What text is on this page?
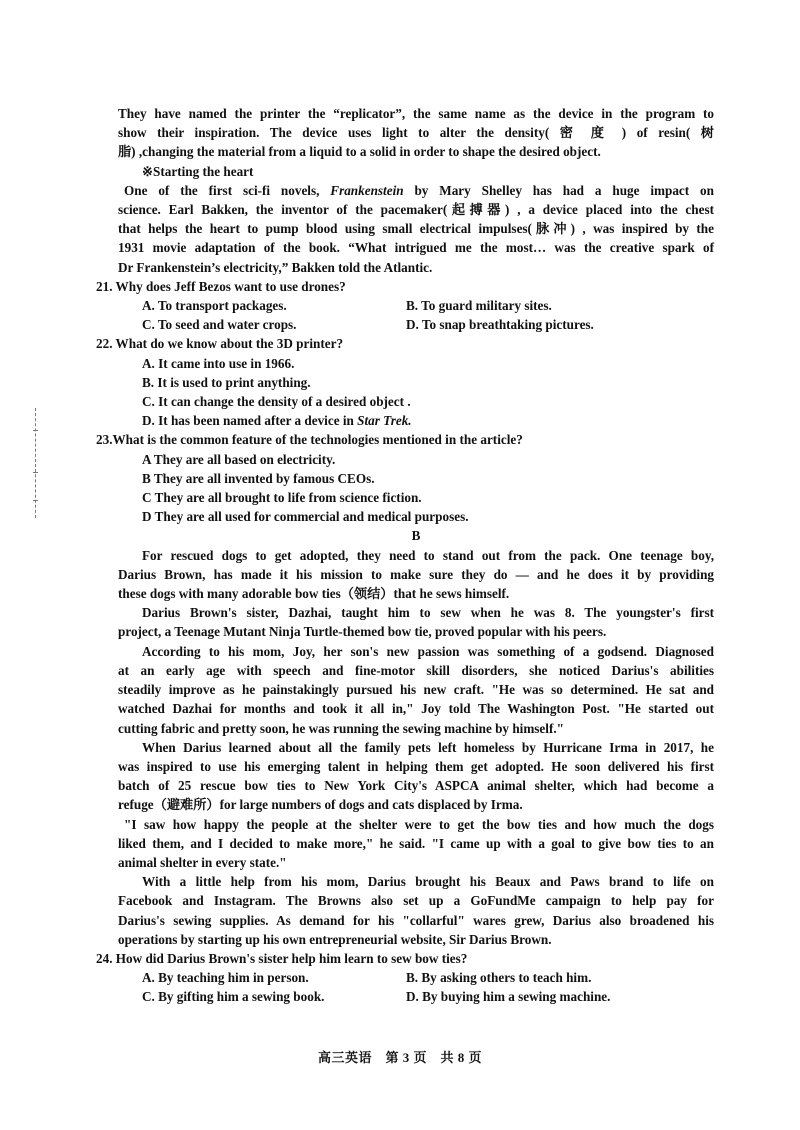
They have named the printer the “replicator”, the same name as the device in the program to
show their inspiration. The device uses light to alter the density( 密 度 ) of resin( 树
脂) ,changing the material from a liquid to a solid in order to shape the desired object.
※Starting the heart
One of the first sci-fi novels, Frankenstein by Mary Shelley has had a huge impact on
science. Earl Bakken, the inventor of the pacemaker(起搏器) , a device placed into the chest
that helps the heart to pump blood using small electrical impulses(脉冲) , was inspired by the
1931 movie adaptation of the book. “What intrigued me the most… was the creative spark of
Dr Frankenstein’s electricity,” Bakken told the Atlantic.
21. Why does Jeff Bezos want to use drones?
A. To transport packages.	B. To guard military sites.
C. To seed and water crops.	D. To snap breathtaking pictures.
22. What do we know about the 3D printer?
A. It came into use in 1966.
B. It is used to print anything.
C. It can change the density of a desired object .
D. It has been named after a device in Star Trek.
23.What is the common feature of the technologies mentioned in the article?
A They are all based on electricity.
B They are all invented by famous CEOs.
C They are all brought to life from science fiction.
D They are all used for commercial and medical purposes.
B
For rescued dogs to get adopted, they need to stand out from the pack. One teenage boy,
Darius Brown, has made it his mission to make sure they do — and he does it by providing
these dogs with many adorable bow ties（领结）that he sews himself.
Darius Brown's sister, Dazhai, taught him to sew when he was 8. The youngster's first
project, a Teenage Mutant Ninja Turtle-themed bow tie, proved popular with his peers.
According to his mom, Joy, her son's new passion was something of a godsend. Diagnosed
at an early age with speech and fine-motor skill disorders, she noticed Darius's abilities
steadily improve as he painstakingly pursued his new craft. "He was so determined. He sat and
watched Dazhai for months and took it all in," Joy told The Washington Post. "He started out
cutting fabric and pretty soon, he was running the sewing machine by himself."
When Darius learned about all the family pets left homeless by Hurricane Irma in 2017, he
was inspired to use his emerging talent in helping them get adopted. He soon delivered his first
batch of 25 rescue bow ties to New York City's ASPCA animal shelter, which had become a
refuge（避难所）for large numbers of dogs and cats displaced by Irma.
"I saw how happy the people at the shelter were to get the bow ties and how much the dogs
liked them, and I decided to make more," he said. "I came up with a goal to give bow ties to an
animal shelter in every state."
With a little help from his mom, Darius brought his Beaux and Paws brand to life on
Facebook and Instagram. The Browns also set up a GoFundMe campaign to help pay for
Darius's sewing supplies. As demand for his "collarful" wares grew, Darius also broadened his
operations by starting up his own entrepreneurial website, Sir Darius Brown.
24. How did Darius Brown's sister help him learn to sew bow ties?
A. By teaching him in person.	B. By asking others to teach him.
C. By gifting him a sewing book.	D. By buying him a sewing machine.
高三英语　第 3 页　共 8 页
